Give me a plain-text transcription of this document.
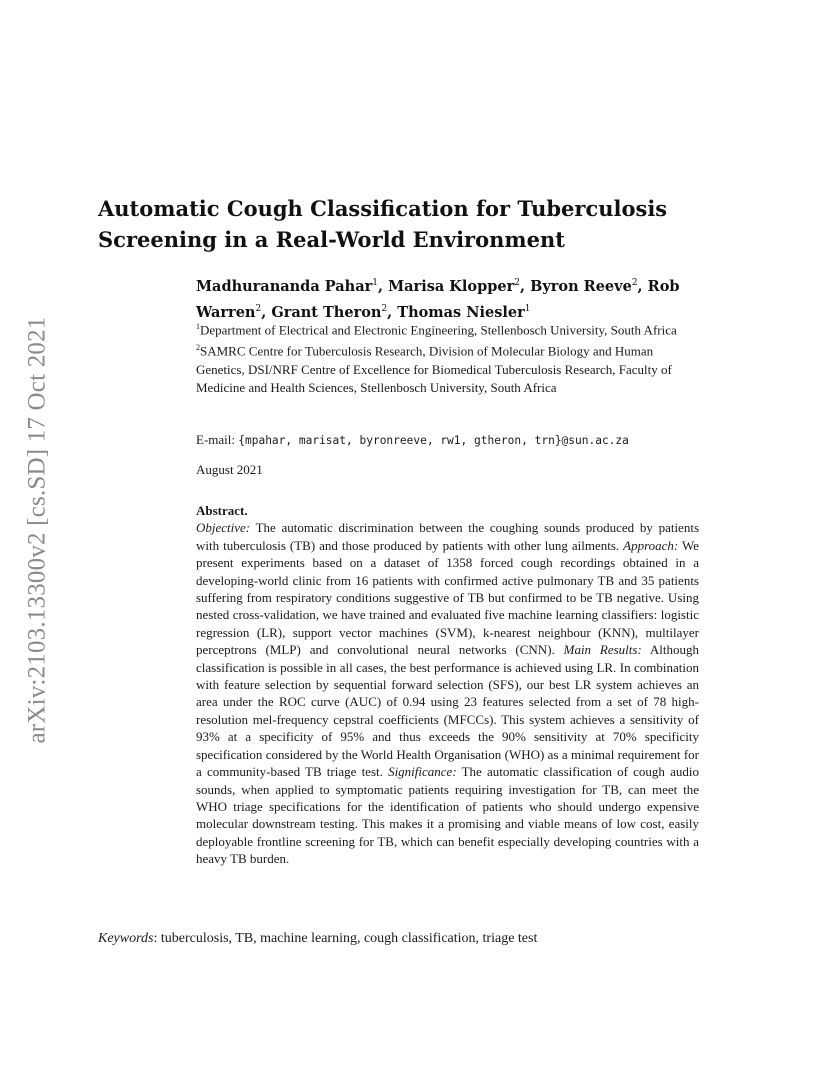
arXiv:2103.13300v2 [cs.SD] 17 Oct 2021
Automatic Cough Classification for Tuberculosis Screening in a Real-World Environment
Madhurananda Pahar$^1$, Marisa Klopper$^2$, Byron Reeve$^2$, Rob Warren$^2$, Grant Theron$^2$, Thomas Niesler$^1$

$^1$Department of Electrical and Electronic Engineering, Stellenbosch University, South Africa

$^2$SAMRC Centre for Tuberculosis Research, Division of Molecular Biology and Human Genetics, DSI/NRF Centre of Excellence for Biomedical Tuberculosis Research, Faculty of Medicine and Health Sciences, Stellenbosch University, South Africa

E-mail: {mpahar, marisat, byronreeve, rw1, gtheron, trn}@sun.ac.za
August 2021
Abstract.
Objective: The automatic discrimination between the coughing sounds produced by patients with tuberculosis (TB) and those produced by patients with other lung ailments. Approach: We present experiments based on a dataset of 1358 forced cough recordings obtained in a developing-world clinic from 16 patients with confirmed active pulmonary TB and 35 patients suffering from respiratory conditions suggestive of TB but confirmed to be TB negative. Using nested cross-validation, we have trained and evaluated five machine learning classifiers: logistic regression (LR), support vector machines (SVM), k-nearest neighbour (KNN), multilayer perceptrons (MLP) and convolutional neural networks (CNN). Main Results: Although classification is possible in all cases, the best performance is achieved using LR. In combination with feature selection by sequential forward selection (SFS), our best LR system achieves an area under the ROC curve (AUC) of 0.94 using 23 features selected from a set of 78 high-resolution mel-frequency cepstral coefficients (MFCCs). This system achieves a sensitivity of 93% at a specificity of 95% and thus exceeds the 90% sensitivity at 70% specificity specification considered by the World Health Organisation (WHO) as a minimal requirement for a community-based TB triage test. Significance: The automatic classification of cough audio sounds, when applied to symptomatic patients requiring investigation for TB, can meet the WHO triage specifications for the identification of patients who should undergo expensive molecular downstream testing. This makes it a promising and viable means of low cost, easily deployable frontline screening for TB, which can benefit especially developing countries with a heavy TB burden.
Keywords: tuberculosis, TB, machine learning, cough classification, triage test
